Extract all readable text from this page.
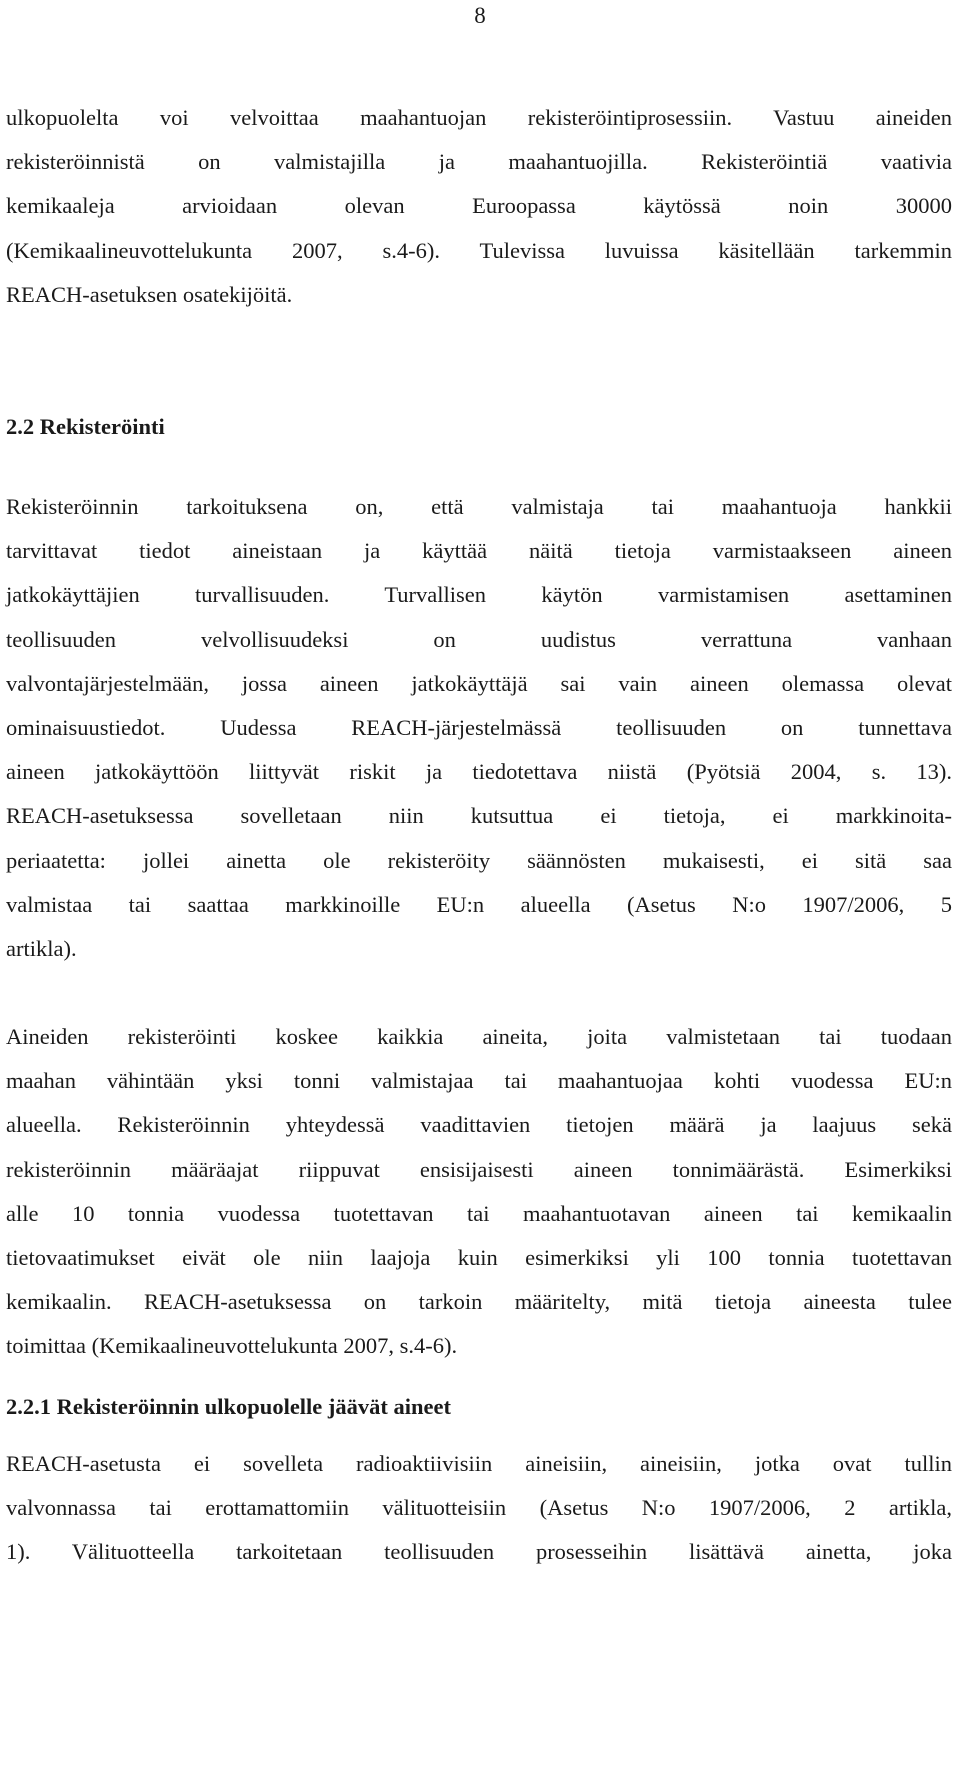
8
ulkopuolelta voi velvoittaa maahantuojan rekisteröintiprosessiin. Vastuu aineiden
rekisteröinnistä on valmistajilla ja maahantuojilla. Rekisteröintiä vaativia
kemikaaleja arvioidaan olevan Euroopassa käytössä noin 30000
(Kemikaalineuvottelukunta 2007, s.4-6). Tulevissa luvuissa käsitellään tarkemmin
REACH-asetuksen osatekijöitä.
2.2 Rekisteröinti
Rekisteröinnin tarkoituksena on, että valmistaja tai maahantuoja hankkii
tarvittavat tiedot aineistaan ja käyttää näitä tietoja varmistaakseen aineen
jatkokäyttäjien turvallisuuden. Turvallisen käytön varmistamisen asettaminen
teollisuuden velvollisuudeksi on uudistus verrattuna vanhaan
valvontajärjestelmään, jossa aineen jatkokäyttäjä sai vain aineen olemassa olevat
ominaisuustiedot. Uudessa REACH-järjestelmässä teollisuuden on tunnettava
aineen jatkokäyttöön liittyvät riskit ja tiedotettava niistä (Pyötsiä 2004, s. 13).
REACH-asetuksessa sovelletaan niin kutsuttua ei tietoja, ei markkinoita-
periaatetta: jollei ainetta ole rekisteröity säännösten mukaisesti, ei sitä saa
valmistaa tai saattaa markkinoille EU:n alueella (Asetus N:o 1907/2006, 5
artikla).
Aineiden rekisteröinti koskee kaikkia aineita, joita valmistetaan tai tuodaan
maahan vähintään yksi tonni valmistajaa tai maahantuojaa kohti vuodessa EU:n
alueella. Rekisteröinnin yhteydessä vaadittavien tietojen määrä ja laajuus sekä
rekisteröinnin määräajat riippuvat ensisijaisesti aineen tonnimäärästä. Esimerkiksi
alle 10 tonnia vuodessa tuotettavan tai maahantuotavan aineen tai kemikaalin
tietovaatimukset eivät ole niin laajoja kuin esimerkiksi yli 100 tonnia tuotettavan
kemikaalin. REACH-asetuksessa on tarkoin määritelty, mitä tietoja aineesta tulee
toimittaa (Kemikaalineuvottelukunta 2007, s.4-6).
2.2.1 Rekisteröinnin ulkopuolelle jäävät aineet
REACH-asetusta ei sovelleta radioaktiivisiin aineisiin, aineisiin, jotka ovat tullin
valvonnassa tai erottamattomiin välituotteisiin (Asetus N:o 1907/2006, 2 artikla,
1). Välituotteella tarkoitetaan teollisuuden prosesseihin lisättävä ainetta, joka
